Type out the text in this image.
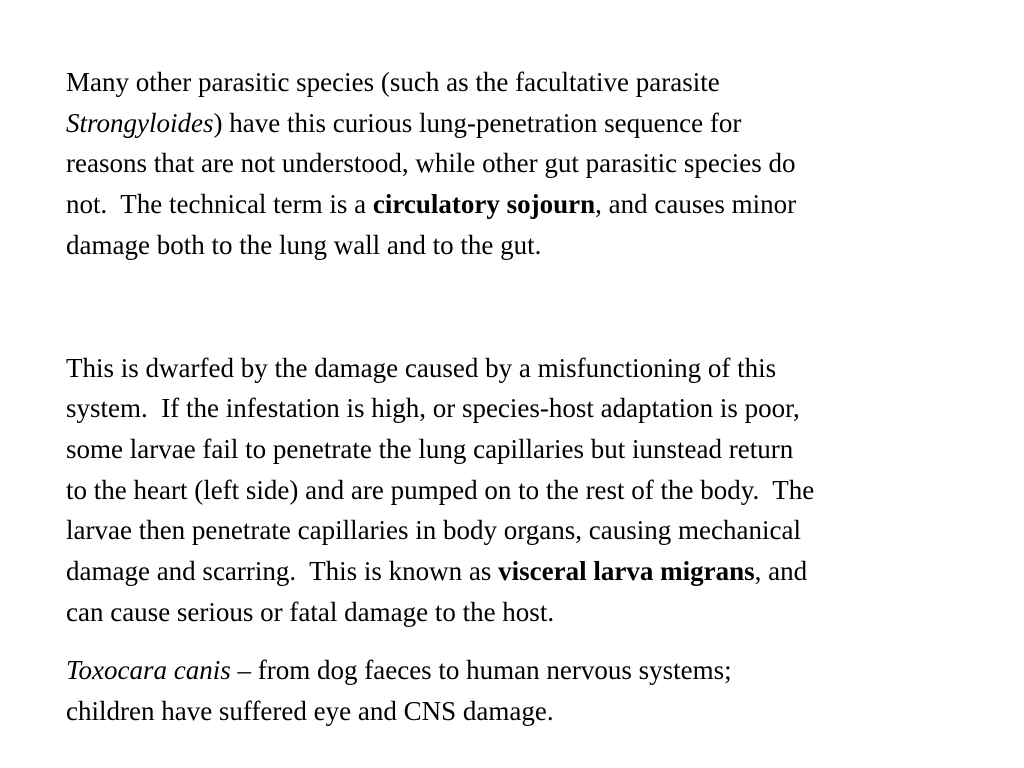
Many other parasitic species (such as the facultative parasite
Strongyloides) have this curious lung-penetration sequence for
reasons that are not understood, while other gut parasitic species do
not.  The technical term is a circulatory sojourn, and causes minor
damage both to the lung wall and to the gut.

This is dwarfed by the damage caused by a misfunctioning of this
system.  If the infestation is high, or species-host adaptation is poor,
some larvae fail to penetrate the lung capillaries but iunstead return
to the heart (left side) and are pumped on to the rest of the body.  The
larvae then penetrate capillaries in body organs, causing mechanical
damage and scarring.  This is known as visceral larva migrans, and
can cause serious or fatal damage to the host.

Toxocara canis – from dog faeces to human nervous systems;
children have suffered eye and CNS damage.
